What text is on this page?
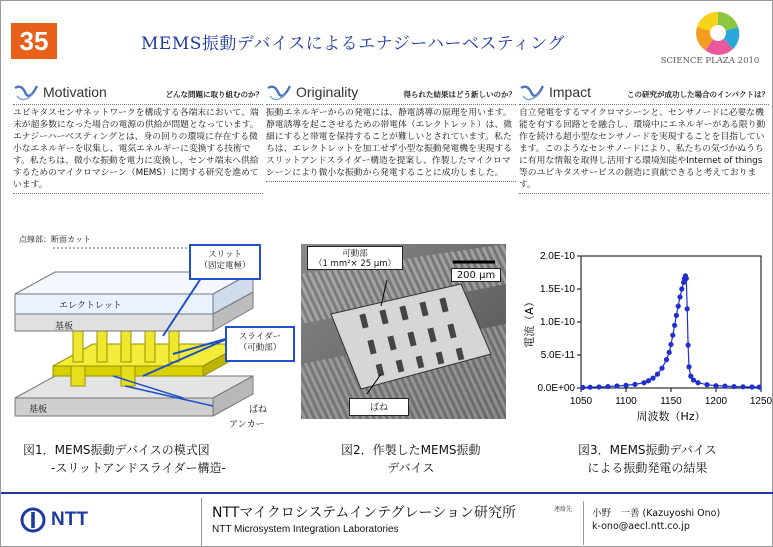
35	MEMS振動デバイスによるエナジーハーベスティング
SCIENCE PLAZA 2010
Motivation	どんな問題に取り組むのか？
ユビキタスセンサネットワークを構成する各端末において、端末が超多数になった場合の電源の供給が問題となっています。エナジーハーベスティングとは、身の回りの環境に存在する微小なエネルギーを収集し、電気エネルギーに変換する技術です。私たちは、微小な振動を電力に変換し、センサ端末へ供給するためのマイクロマシーン（MEMS）に関する研究を進めています。
Originality	得られた結果はどう新しいのか？
振動エネルギーからの発電には、静電誘導の原理を用います。静電誘導を起こさせるための帯電体（エレクトレット）は、微細にすると帯電を保持することが難しいとされています。私たちは、エレクトレットを加工せず小型な振動発電機を実現するスリットアンドスライダー構造を提案し、作製したマイクロマシーンにより微小な振動から発電することに成功しました。
Impact	この研究が成功した場合のインパクトは？
自立発電をするマイクロマシーンと、センサノードに必要な機能を有する回路とを融合し、環境中にエネルギーがある限り動作を続ける超小型なセンサノードを実現することを目指しています。このようなセンサノードにより、私たちの気づかぬうちに有用な情報を取得し活用する環境知能やInternet of things等のユビキタスサービスの創造に貢献できると考えております。
点線部：断面カット
エレクトレット
基板
基板
スリット
（固定電極）
スライダー
（可動部）
ばね
アンカー
可動部
（1 mm²× 25 μm）
200 μm
ばね
0.0E+00
5.0E-11
1.0E-10
1.5E-10
2.0E-10
1050 1100 1150 1200 1250
周波数（Hz）
電流（A）
図1．MEMS振動デバイスの模式図
-スリットアンドスライダー構造-
図2．作製したMEMS振動
デバイス
図3．MEMS振動デバイス
による振動発電の結果
NTT	NTTマイクロシステムインテグレーション研究所
NTT Microsystem Integration Laboratories
連絡先 小野　一善 (Kazuyoshi Ono)
k-ono@aecl.ntt.co.jp
